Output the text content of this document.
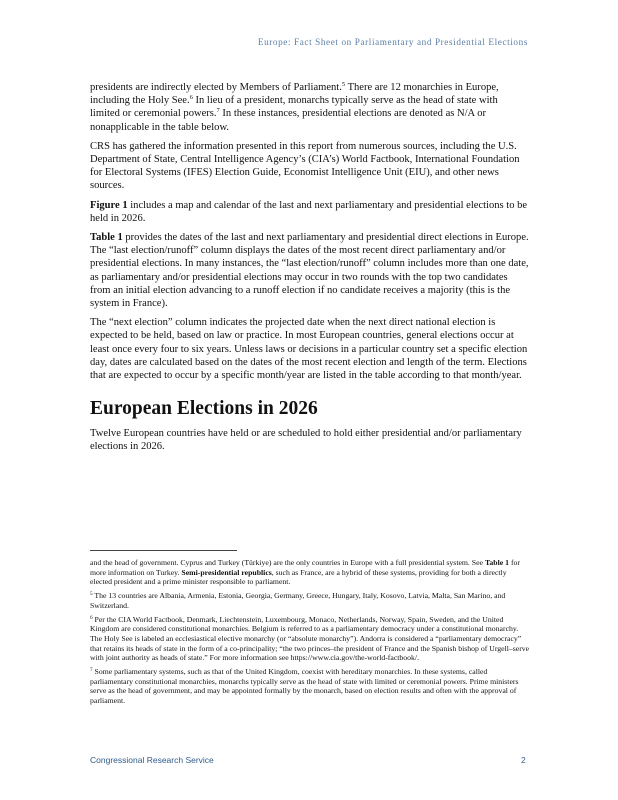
Europe: Fact Sheet on Parliamentary and Presidential Elections

presidents are indirectly elected by Members of Parliament.$^5$ There are 12 monarchies in Europe, including the Holy See.$^6$ In lieu of a president, monarchs typically serve as the head of state with limited or ceremonial powers.$^7$ In these instances, presidential elections are denoted as N/A or nonapplicable in the table below.

CRS has gathered the information presented in this report from numerous sources, including the U.S. Department of State, Central Intelligence Agency’s (CIA’s) World Factbook, International Foundation for Electoral Systems (IFES) Election Guide, Economist Intelligence Unit (EIU), and other news sources.

Figure 1 includes a map and calendar of the last and next parliamentary and presidential elections to be held in 2026.

Table 1 provides the dates of the last and next parliamentary and presidential direct elections in Europe. The “last election/runoff” column displays the dates of the most recent direct parliamentary and/or presidential elections. In many instances, the “last election/runoff” column includes more than one date, as parliamentary and/or presidential elections may occur in two rounds with the top two candidates from an initial election advancing to a runoff election if no candidate receives a majority (this is the system in France).

The “next election” column indicates the projected date when the next direct national election is expected to be held, based on law or practice. In most European countries, general elections occur at least once every four to six years. Unless laws or decisions in a particular country set a specific election day, dates are calculated based on the dates of the most recent election and length of the term. Elections that are expected to occur by a specific month/year are listed in the table according to that month/year.

European Elections in 2026

Twelve European countries have held or are scheduled to hold either presidential and/or parliamentary elections in 2026.

and the head of government. Cyprus and Turkey (Türkiye) are the only countries in Europe with a full presidential system. See Table 1 for more information on Turkey. Semi-presidential republics, such as France, are a hybrid of these systems, providing for both a directly elected president and a prime minister responsible to parliament.

$^5$ The 13 countries are Albania, Armenia, Estonia, Georgia, Germany, Greece, Hungary, Italy, Kosovo, Latvia, Malta, San Marino, and Switzerland.

$^6$ Per the CIA World Factbook, Denmark, Liechtenstein, Luxembourg, Monaco, Netherlands, Norway, Spain, Sweden, and the United Kingdom are considered constitutional monarchies. Belgium is referred to as a parliamentary democracy under a constitutional monarchy. The Holy See is labeled an ecclesiastical elective monarchy (or “absolute monarchy”). Andorra is considered a “parliamentary democracy” that retains its heads of state in the form of a co-principality; “the two princes–the president of France and the Spanish bishop of Urgell–serve with joint authority as heads of state.” For more information see https://www.cia.gov/the-world-factbook/.

$^7$ Some parliamentary systems, such as that of the United Kingdom, coexist with hereditary monarchies. In these systems, called parliamentary constitutional monarchies, monarchs typically serve as the head of state with limited or ceremonial powers. Prime ministers serve as the head of government, and may be appointed formally by the monarch, based on election results and often with the approval of parliament.

Congressional Research Service	2
